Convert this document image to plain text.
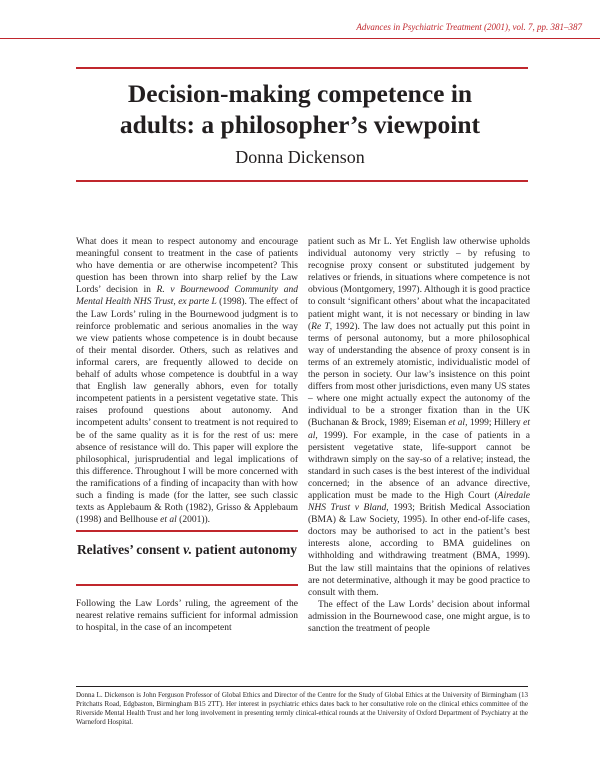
Advances in Psychiatric Treatment (2001), vol. 7, pp. 381–387
Decision-making competence in
adults: a philosopher’s viewpoint
Donna Dickenson

What does it mean to respect autonomy and encourage meaningful consent to treatment in the case of patients who have dementia or are otherwise incompetent? This question has been thrown into sharp relief by the Law Lords’ decision in R. v Bournewood Community and Mental Health NHS Trust, ex parte L (1998). The effect of the Law Lords’ ruling in the Bournewood judgment is to reinforce problematic and serious anomalies in the way we view patients whose competence is in doubt because of their mental disorder. Others, such as relatives and informal carers, are frequently allowed to decide on behalf of adults whose competence is doubtful in a way that English law generally abhors, even for totally incompetent patients in a persistent vegetative state. This raises profound questions about autonomy. And incompetent adults’ consent to treatment is not required to be of the same quality as it is for the rest of us: mere absence of resistance will do. This paper will explore the philosophical, jurisprudential and legal implications of this difference. Throughout I will be more concerned with the ramifications of a finding of incapacity than with how such a finding is made (for the latter, see such classic texts as Applebaum & Roth (1982), Grisso & Applebaum (1998) and Bellhouse et al (2001)).

Relatives’ consent v. patient autonomy

Following the Law Lords’ ruling, the agreement of the nearest relative remains sufficient for informal admission to hospital, in the case of an incompetent

patient such as Mr L. Yet English law otherwise upholds individual autonomy very strictly – by refusing to recognise proxy consent or substituted judgement by relatives or friends, in situations where competence is not obvious (Montgomery, 1997). Although it is good practice to consult ‘significant others’ about what the incapacitated patient might want, it is not necessary or binding in law (Re T, 1992). The law does not actually put this point in terms of personal autonomy, but a more philosophical way of understanding the absence of proxy consent is in terms of an extremely atomistic, individualistic model of the person in society. Our law’s insistence on this point differs from most other jurisdictions, even many US states – where one might actually expect the autonomy of the individual to be a stronger fixation than in the UK (Buchanan & Brock, 1989; Eiseman et al, 1999; Hillery et al, 1999). For example, in the case of patients in a persistent vegetative state, life-support cannot be withdrawn simply on the say-so of a relative; instead, the standard in such cases is the best interest of the individual concerned; in the absence of an advance directive, application must be made to the High Court (Airedale NHS Trust v Bland, 1993; British Medical Association (BMA) & Law Society, 1995). In other end-of-life cases, doctors may be authorised to act in the patient’s best interests alone, according to BMA guidelines on withholding and withdrawing treatment (BMA, 1999). But the law still maintains that the opinions of relatives are not determinative, although it may be good practice to consult with them.

The effect of the Law Lords’ decision about informal admission in the Bournewood case, one might argue, is to sanction the treatment of people

Donna L. Dickenson is John Ferguson Professor of Global Ethics and Director of the Centre for the Study of Global Ethics at the University of Birmingham (13 Pritchatts Road, Edgbaston, Birmingham B15 2TT). Her interest in psychiatric ethics dates back to her consultative role on the clinical ethics committee of the Riverside Mental Health Trust and her long involvement in presenting termly clinical-ethical rounds at the University of Oxford Department of Psychiatry at the Warneford Hospital.
